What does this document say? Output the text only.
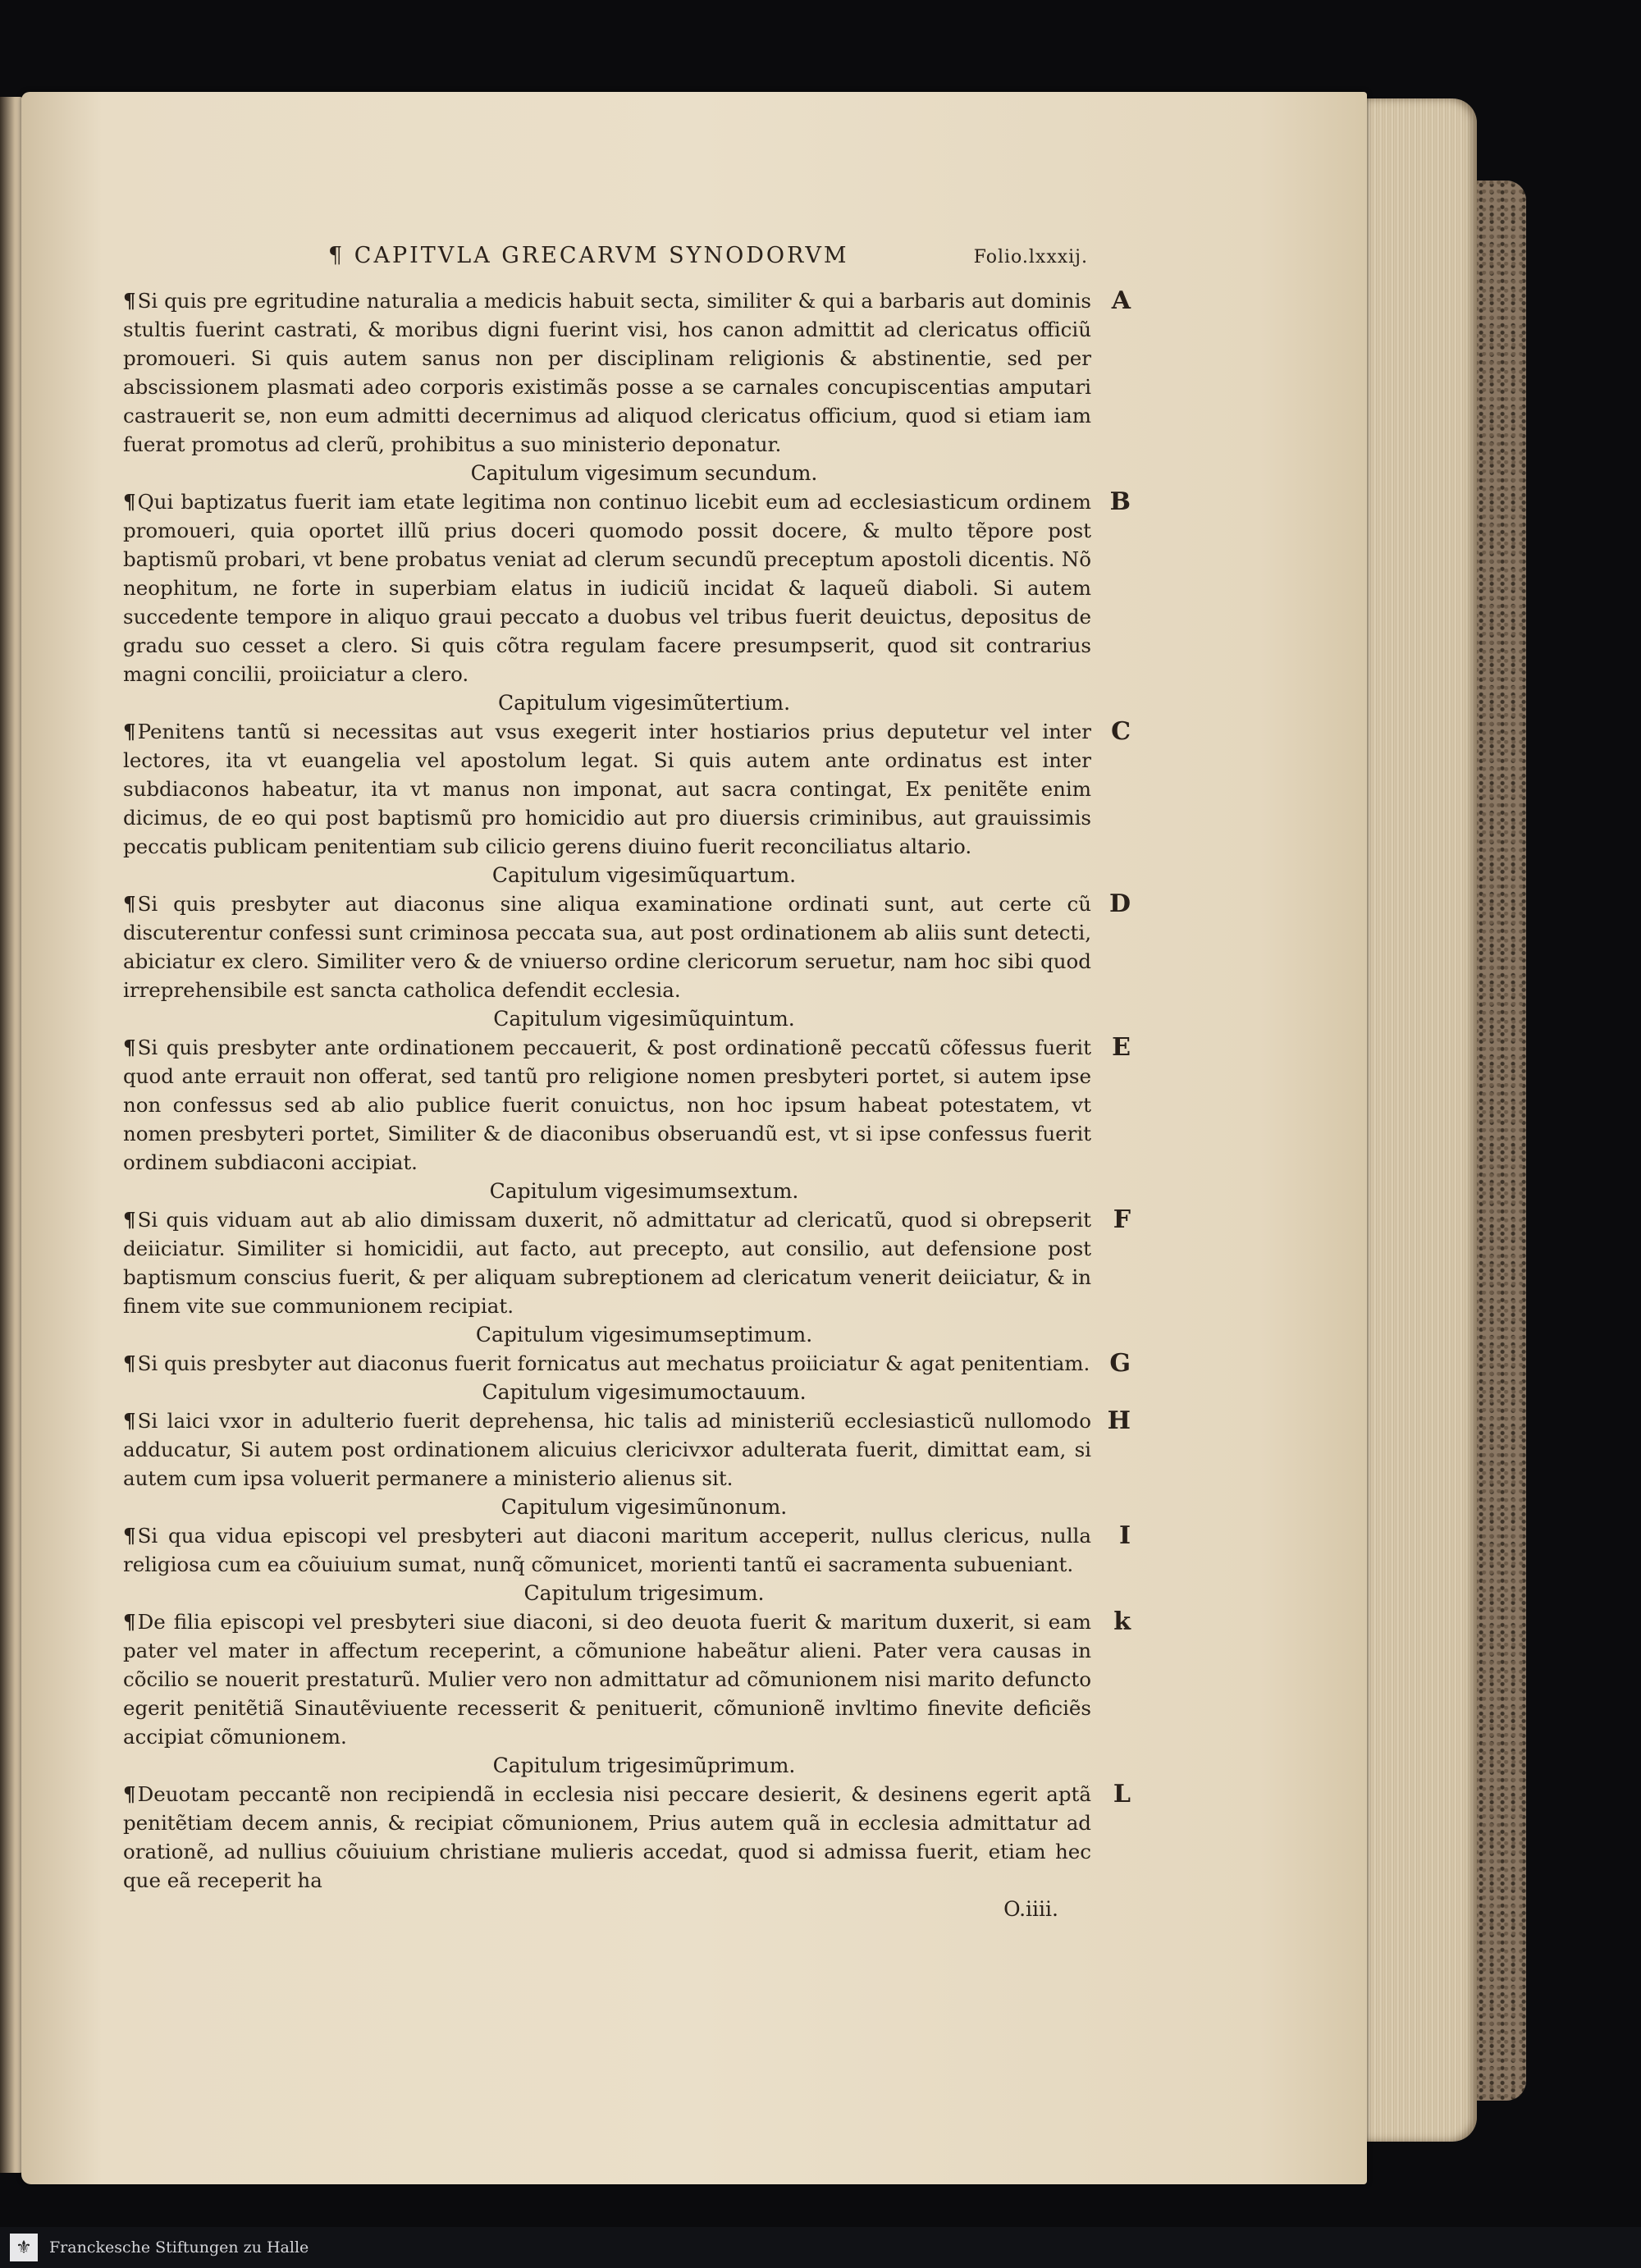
¶ CAPITVLA GRECARVM SYNODORVM	Folio.lxxxij.
¶Si quis pre egritudine naturalia a medicis habuit secta, similiter & qui a barbaris aut dominis stultis fuerint castrati, & moribus digni fuerint visi, hos canon admittit ad clericatus officiũ promoueri. Si quis autem sanus non per disciplinam religionis & abstinentie, sed per abscissionem plasmati adeo corporis existimãs posse a se carnales concupiscentias amputari castrauerit se, non eum admitti decernimus ad aliquod clericatus officium, quod si etiam iam fuerat promotus ad clerũ, prohibitus a suo ministerio deponatur.
A
Capitulum vigesimum secundum.
¶Qui baptizatus fuerit iam etate legitima non continuo licebit eum ad ecclesiasticum ordinem promoueri, quia oportet illũ prius doceri quomodo possit docere, & multo tẽpore post baptismũ probari, vt bene probatus veniat ad clerum secundũ preceptum apostoli dicentis. Nõ neophitum, ne forte in superbiam elatus in iudiciũ incidat & laqueũ diaboli. Si autem succedente tempore in aliquo graui peccato a duobus vel tribus fuerit deuictus, depositus de gradu suo cesset a clero. Si quis cõtra regulam facere presumpserit, quod sit contrarius magni concilii, proiiciatur a clero.
B
Capitulum vigesimũtertium.
¶Penitens tantũ si necessitas aut vsus exegerit inter hostiarios prius deputetur vel inter lectores, ita vt euangelia vel apostolum legat. Si quis autem ante ordinatus est inter subdiaconos habeatur, ita vt manus non imponat, aut sacra contingat, Ex penitẽte enim dicimus, de eo qui post baptismũ pro homicidio aut pro diuersis criminibus, aut grauissimis peccatis publicam penitentiam sub cilicio gerens diuino fuerit reconciliatus altario.
C
Capitulum vigesimũquartum.
¶Si quis presbyter aut diaconus sine aliqua examinatione ordinati sunt, aut certe cũ discuterentur confessi sunt criminosa peccata sua, aut post ordinationem ab aliis sunt detecti, abiciatur ex clero. Similiter vero & de vniuerso ordine clericorum seruetur, nam hoc sibi quod irreprehensibile est sancta catholica defendit ecclesia.
D
Capitulum vigesimũquintum.
¶Si quis presbyter ante ordinationem peccauerit, & post ordinationẽ peccatũ cõfessus fuerit quod ante errauit non offerat, sed tantũ pro religione nomen presbyteri portet, si autem ipse non confessus sed ab alio publice fuerit conuictus, non hoc ipsum habeat potestatem, vt nomen presbyteri portet, Similiter & de diaconibus obseruandũ est, vt si ipse confessus fuerit ordinem subdiaconi accipiat.
E
Capitulum vigesimumsextum.
¶Si quis viduam aut ab alio dimissam duxerit, nõ admittatur ad clericatũ, quod si obrepserit deiiciatur. Similiter si homicidii, aut facto, aut precepto, aut consilio, aut defensione post baptismum conscius fuerit, & per aliquam subreptionem ad clericatum venerit deiiciatur, & in finem vite sue communionem recipiat.
F
Capitulum vigesimumseptimum.
¶Si quis presbyter aut diaconus fuerit fornicatus aut mechatus proiiciatur & agat penitentiam. G
Capitulum vigesimumoctauum.
¶Si laici vxor in adulterio fuerit deprehensa, hic talis ad ministeriũ ecclesiasticũ nullomodo adducatur, Si autem post ordinationem alicuius clericivxor adulterata fuerit, dimittat eam, si autem cum ipsa voluerit permanere a ministerio alienus sit.
H
Capitulum vigesimũnonum.
¶Si qua vidua episcopi vel presbyteri aut diaconi maritum acceperit, nullus clericus, nulla religiosa cum ea cõuiuium sumat, nunq̃ cõmunicet, morienti tantũ ei sacramenta subueniant.
I
Capitulum trigesimum.
¶De filia episcopi vel presbyteri siue diaconi, si deo deuota fuerit & maritum duxerit, si eam pater vel mater in affectum receperint, a cõmunione habeãtur alieni. Pater vera causas in cõcilio se nouerit prestaturũ. Mulier vero non admittatur ad cõmunionem nisi marito defuncto egerit penitẽtiã Sinautẽviuente recesserit & penituerit, cõmunionẽ invltimo finevite deficiẽs accipiat cõmunionem.
k
Capitulum trigesimũprimum.
¶Deuotam peccantẽ non recipiendã in ecclesia nisi peccare desierit, & desinens egerit aptã penitẽtiam decem annis, & recipiat cõmunionem, Prius autem quã in ecclesia admittatur ad orationẽ, ad nullius cõuiuium christiane mulieris accedat, quod si admissa fuerit, etiam hec que eã receperit ha
L
O.iiii.
⚜	Franckesche Stiftungen zu Halle
